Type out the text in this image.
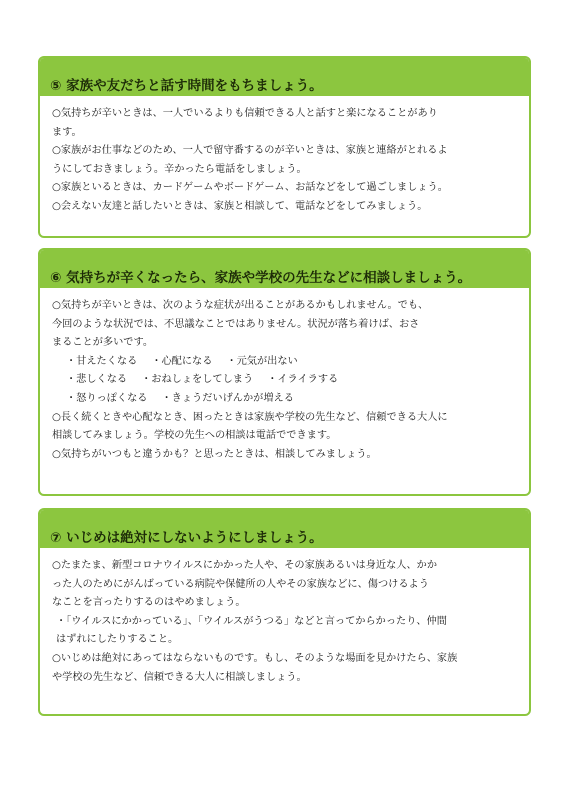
⑤ 家族や友だちと話す時間をもちましょう。

○気持ちが辛いときは、一人でいるよりも信頼できる人と話すと楽になることがあり
ます。

○家族がお仕事などのため、一人で留守番するのが辛いときは、家族と連絡がとれるよ
うにしておきましょう。辛かったら電話をしましょう。

○家族といるときは、カードゲームやボードゲーム、お話などをして過ごしましょう。

○会えない友達と話したいときは、家族と相談して、電話などをしてみましょう。

⑥ 気持ちが辛くなったら、家族や学校の先生などに相談しましょう。

○気持ちが辛いときは、次のような症状が出ることがあるかもしれません。でも、
今回のような状況では、不思議なことではありません。状況が落ち着けば、おさ
まることが多いです。

・甘えたくなる ・心配になる ・元気が出ない
・悲しくなる ・おねしょをしてしまう ・イライラする
・怒りっぽくなる ・きょうだいげんかが増える

○長く続くときや心配なとき、困ったときは家族や学校の先生など、信頼できる大人に
相談してみましょう。学校の先生への相談は電話でできます。

○気持ちがいつもと違うかも？と思ったときは、相談してみましょう。

⑦ いじめは絶対にしないようにしましょう。

○たまたま、新型コロナウイルスにかかった人や、その家族あるいは身近な人、かか
った人のためにがんばっている病院や保健所の人やその家族などに、傷つけるよう
なことを言ったりするのはやめましょう。

・「ウイルスにかかっている」、「ウイルスがうつる」などと言ってからかったり、仲間
はずれにしたりすること。

○いじめは絶対にあってはならないものです。もし、そのような場面を見かけたら、家族
や学校の先生など、信頼できる大人に相談しましょう。
